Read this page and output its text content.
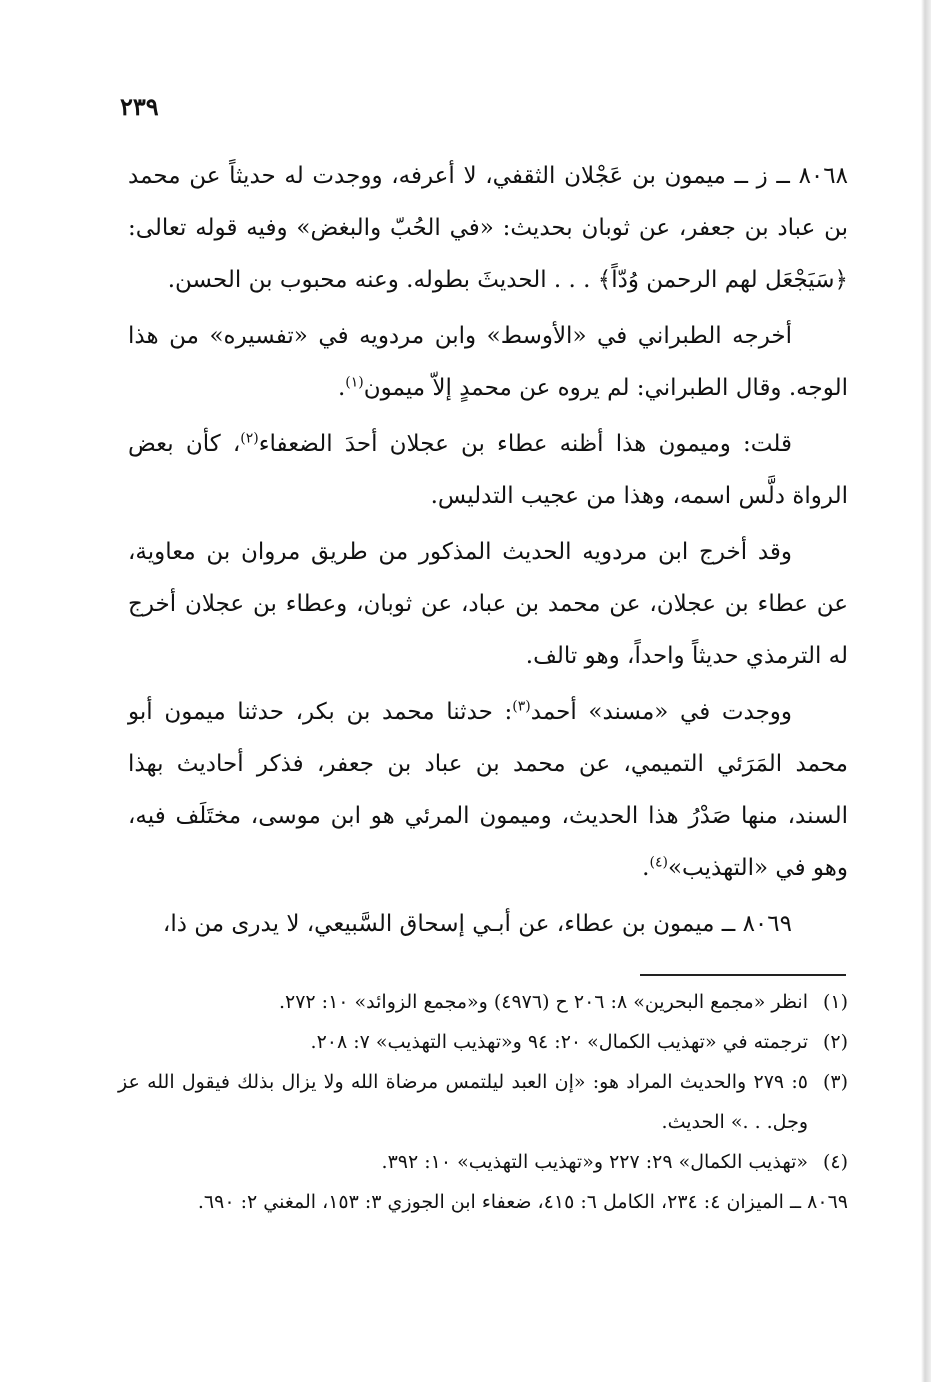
٢٣٩

٨٠٦٨ ــ ز ــ ميمون بن عَجْلان الثقفي، لا أعرفه، ووجدت له حديثاً عن محمد بن عباد بن جعفر، عن ثوبان بحديث: «في الحُبّ والبغض» وفيه قوله تعالى: ﴿سَيَجْعَل لهم الرحمن وُدّاً﴾ . . . الحديثَ بطوله. وعنه محبوب بن الحسن.

أخرجه الطبراني في «الأوسط» وابن مردويه في «تفسيره» من هذا الوجه. وقال الطبراني: لم يروه عن محمدٍ إلاّ ميمون$^{(١)}$.

قلت: وميمون هذا أظنه عطاء بن عجلان أحدَ الضعفاء$^{(٢)}$، كأن بعض الرواة دلَّس اسمه، وهذا من عجيب التدليس.

وقد أخرج ابن مردويه الحديث المذكور من طريق مروان بن معاوية، عن عطاء بن عجلان، عن محمد بن عباد، عن ثوبان، وعطاء بن عجلان أخرج له الترمذي حديثاً واحداً، وهو تالف.

ووجدت في «مسند» أحمد$^{(٣)}$: حدثنا محمد بن بكر، حدثنا ميمون أبو محمد المَرَئي التميمي، عن محمد بن عباد بن جعفر، فذكر أحاديث بهذا السند، منها صَدْرُ هذا الحديث، وميمون المرئي هو ابن موسى، مختَلَف فيه، وهو في «التهذيب»$^{(٤)}$.

٨٠٦٩ ــ ميمون بن عطاء، عن أبـي إسحاق السَّبيعي، لا يدرى من ذا،

(١)انظر «مجمع البحرين» ٨: ٢٠٦ ح (٤٩٧٦) و«مجمع الزوائد» ١٠: ٢٧٢.

(٢)ترجمته في «تهذيب الكمال» ٢٠: ٩٤ و«تهذيب التهذيب» ٧: ٢٠٨.

(٣)٥: ٢٧٩ والحديث المراد هو: «إن العبد ليلتمس مرضاة الله ولا يزال بذلك فيقول الله عز وجل. . .» الحديث.

(٤)«تهذيب الكمال» ٢٩: ٢٢٧ و«تهذيب التهذيب» ١٠: ٣٩٢.

٨٠٦٩ ــ الميزان ٤: ٢٣٤، الكامل ٦: ٤١٥، ضعفاء ابن الجوزي ٣: ١٥٣، المغني ٢: ٦٩٠.
